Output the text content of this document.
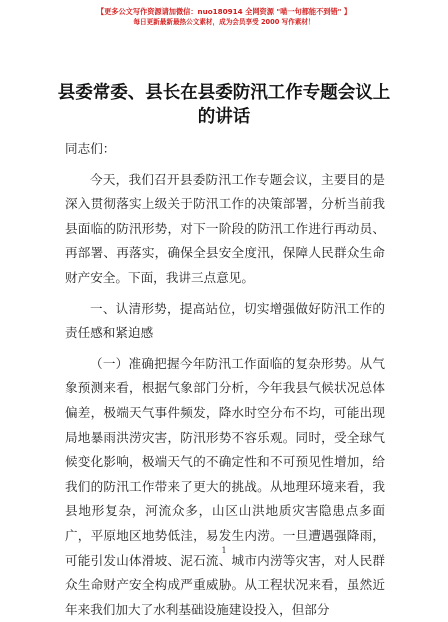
【更多公文写作资源请加微信：nuo180914 全网资源 "喵一句都能不到错" 】
每日更新最新最热公文素材，成为会员享受 2000 写作素材！
县委常委、县长在县委防汛工作专题会议上的讲话

同志们：

今天，我们召开县委防汛工作专题会议，主要目的是深入贯彻落实上级关于防汛工作的决策部署，分析当前我县面临的防汛形势，对下一阶段的防汛工作进行再动员、再部署、再落实，确保全县安全度汛，保障人民群众生命财产安全。下面，我讲三点意见。

一、认清形势，提高站位，切实增强做好防汛工作的责任感和紧迫感

（一）准确把握今年防汛工作面临的复杂形势。从气象预测来看，根据气象部门分析，今年我县气候状况总体偏差，极端天气事件频发，降水时空分布不均，可能出现局地暴雨洪涝灾害，防汛形势不容乐观。同时，受全球气候变化影响，极端天气的不确定性和不可预见性增加，给我们的防汛工作带来了更大的挑战。从地理环境来看，我县地形复杂，河流众多，山区山洪地质灾害隐患点多面广，平原地区地势低洼，易发生内涝。一旦遭遇强降雨，可能引发山体滑坡、泥石流、城市内涝等灾害，对人民群众生命财产安全构成严重威胁。从工程状况来看，虽然近年来我们加大了水利基础设施建设投入，但部分

1
